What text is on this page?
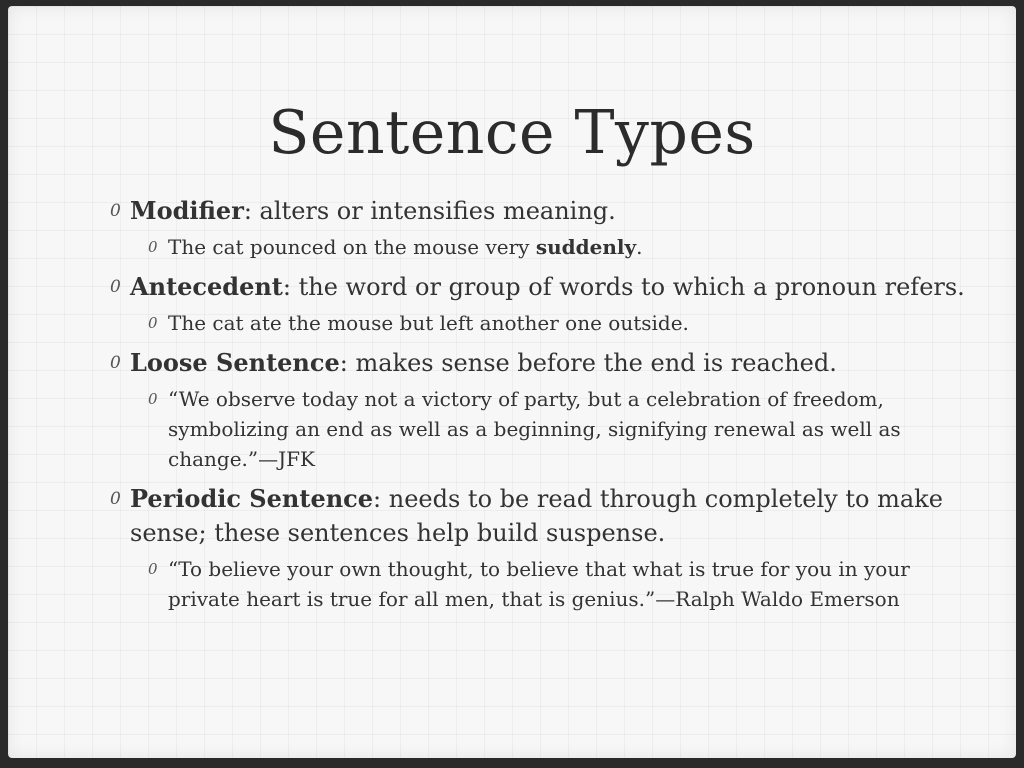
Sentence Types

0 Modifier: alters or intensifies meaning.

0 The cat pounced on the mouse very suddenly.

0 Antecedent: the word or group of words to which a pronoun refers.

0 The cat ate the mouse but left another one outside.

0 Loose Sentence: makes sense before the end is reached.

0 “We observe today not a victory of party, but a celebration of freedom, symbolizing an end as well as a beginning, signifying renewal as well as change.”—JFK

0 Periodic Sentence: needs to be read through completely to make sense; these sentences help build suspense.

0 “To believe your own thought, to believe that what is true for you in your private heart is true for all men, that is genius.”—Ralph Waldo Emerson
